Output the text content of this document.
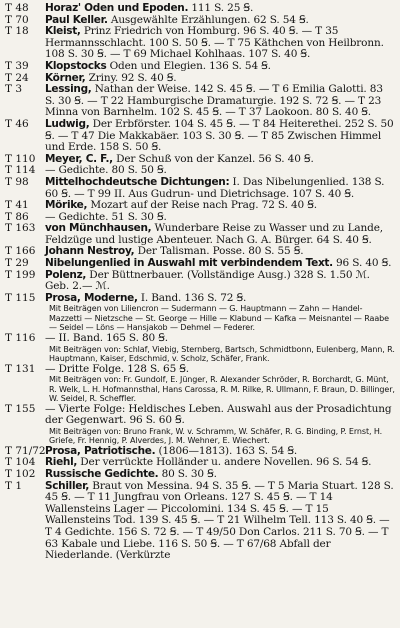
T 48	Horaz' Oden und Epoden. 111 S. 25 Ꞩ.
T 70	Paul Keller. Ausgewählte Erzählungen. 62 S. 54 Ꞩ.
T 18	Kleist, Prinz Friedrich von Homburg. 96 S. 40 Ꞩ. — T 35 Hermannsschlacht. 100 S. 50 Ꞩ. — T 75 Käthchen von Heilbronn. 108 S. 30 Ꞩ. — T 69 Michael Kohlhaas. 107 S. 40 Ꞩ.
T 39	Klopstocks Oden und Elegien. 136 S. 54 Ꞩ.
T 24	Körner, Zriny. 92 S. 40 Ꞩ.
T 3	Lessing, Nathan der Weise. 142 S. 45 Ꞩ. — T 6 Emilia Galotti. 83 S. 30 Ꞩ. — T 22 Hamburgische Dramaturgie. 192 S. 72 Ꞩ. — T 23 Minna von Barnhelm. 102 S. 45 Ꞩ. — T 37 Laokoon. 80 S. 40 Ꞩ.
T 46	Ludwig, Der Erbförster. 104 S. 45 Ꞩ. — T 84 Heiterethei. 252 S. 50 Ꞩ. — T 47 Die Makkabäer. 103 S. 30 Ꞩ. — T 85 Zwischen Himmel und Erde. 158 S. 50 Ꞩ.
T 110 Meyer, C. F., Der Schuß von der Kanzel. 56 S. 40 Ꞩ.
T 114 — Gedichte. 80 S. 50 Ꞩ.
T 98	Mittelhochdeutsche Dichtungen: I. Das Nibelungenlied. 138 S. 60 Ꞩ. — T 99 II. Aus Gudrun- und Dietrichsage. 107 S. 40 Ꞩ.
T 41	Mörike, Mozart auf der Reise nach Prag. 72 S. 40 Ꞩ.
T 86	— Gedichte. 51 S. 30 Ꞩ.
T 163 von Münchhausen, Wunderbare Reise zu Wasser und zu Lande, Feldzüge und lustige Abenteuer. Nach G. A. Bürger. 64 S. 40 Ꞩ.
T 166 Johann Nestroy, Der Talisman. Posse. 80 S. 55 Ꞩ.
T 29	Nibelungenlied in Auswahl mit verbindendem Text. 96 S. 40 Ꞩ.
T 199 Polenz, Der Büttnerbauer. (Vollständige Ausg.) 328 S. 1.50 ℳ. Geb. 2.— ℳ.
T 115 Prosa, Moderne, I. Band. 136 S. 72 Ꞩ.
Mit Beiträgen von Liliencron — Sudermann — G. Hauptmann — Zahn — Handel-Mazzetti — Nietzsche — St. George — Hille — Klabund — Kafka — Meisnantel — Raabe — Seidel — Löns — Hansjakob — Dehmel — Federer.
T 116 — II. Band. 165 S. 80 Ꞩ.
Mit Beiträgen von: Schlaf, Viebig, Sternberg, Bartsch, Schmidtbonn, Eulenberg, Mann, R. Hauptmann, Kaiser, Edschmid, v. Scholz, Schäfer, Frank.
T 131 — Dritte Folge. 128 S. 65 Ꞩ.
Mit Beiträgen von: Fr. Gundolf, E. Jünger, R. Alexander Schröder, R. Borchardt, G. Münt, R. Welk, L. H. Hofmannsthal, Hans Carossa, R. M. Rilke, R. Ullmann, F. Braun, D. Billinger, W. Seidel, R. Scheffler.
T 155 — Vierte Folge: Heldisches Leben. Auswahl aus der Prosadichtung der Gegenwart. 96 S. 60 Ꞩ.
Mit Beiträgen von: Bruno Frank, W. v. Schramm, W. Schäfer, R. G. Binding, P. Ernst, H. Grieſe, Fr. Hennig, P. Alverdes, J. M. Wehner, E. Wiechert.
T 71/72 Prosa, Patriotische. (1806—1813). 163 S. 54 Ꞩ.
T 104 Riehl, Der verrückte Holländer u. andere Novellen. 96 S. 54 Ꞩ.
T 102 Russische Gedichte. 80 S. 30 Ꞩ.
T 1	Schiller, Braut von Messina. 94 S. 35 Ꞩ. — T 5 Maria Stuart. 128 S. 45 Ꞩ. — T 11 Jungfrau von Orleans. 127 S. 45 Ꞩ. — T 14 Wallensteins Lager — Piccolomini. 134 S. 45 Ꞩ. — T 15 Wallensteins Tod. 139 S. 45 Ꞩ. — T 21 Wilhelm Tell. 113 S. 40 Ꞩ. — T 4 Gedichte. 156 S. 72 Ꞩ. — T 49/50 Don Carlos. 211 S. 70 Ꞩ. — T 63 Kabale und Liebe. 116 S. 50 Ꞩ. — T 67/68 Abfall der Niederlande. (Verkürzte
